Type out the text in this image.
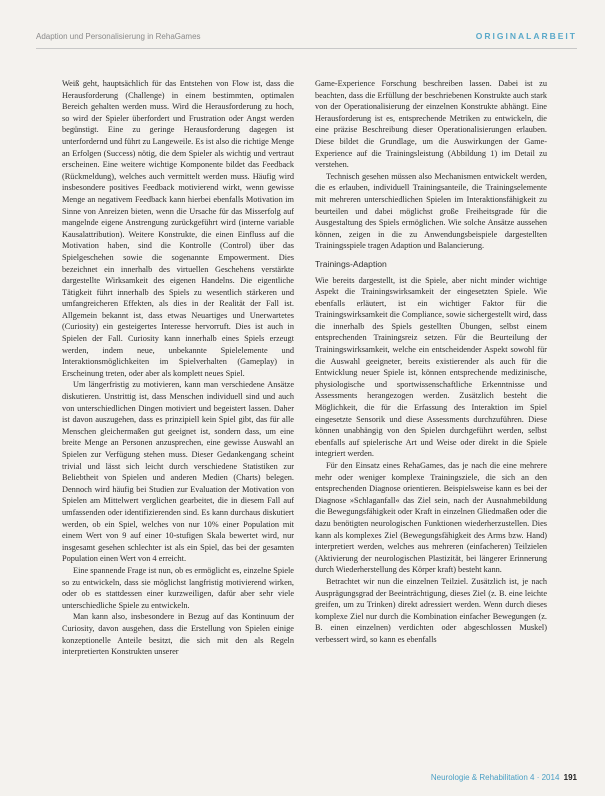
Adaption und Personalisierung in RehaGames	ORIGINALARBEIT

Weiß geht, hauptsächlich für das Entstehen von Flow ist, dass die Herausforderung (Challenge) in einem bestimmten, optimalen Bereich gehalten werden muss. Wird die Herausforderung zu hoch, so wird der Spieler überfordert und Frustration oder Angst werden begünstigt. Eine zu geringe Herausforderung dagegen ist unterfordernd und führt zu Langeweile. Es ist also die richtige Menge an Erfolgen (Success) nötig, die dem Spieler als wichtig und vertraut erscheinen. Eine weitere wichtige Komponente bildet das Feedback (Rückmeldung), welches auch vermittelt werden muss. Häufig wird insbesondere positives Feedback motivierend wirkt, wenn gewisse Menge an negativem Feedback kann hierbei ebenfalls Motivation im Sinne von Anreizen bieten, wenn die Ursache für das Misserfolg auf mangelnde eigene Anstrengung zurückgeführt wird (interne variable Kausalattribution). Weitere Konstrukte, die einen Einfluss auf die Motivation haben, sind die Kontrolle (Control) über das Spielgeschehen sowie die sogenannte Empowerment. Dies bezeichnet ein innerhalb des virtuellen Geschehens verstärkte dargestellte Wirksamkeit des eigenen Handelns. Die eigentliche Tätigkeit führt innerhalb des Spiels zu wesentlich stärkeren und umfangreicheren Effekten, als dies in der Realität der Fall ist. Allgemein bekannt ist, dass etwas Neuartiges und Unerwartetes (Curiosity) ein gesteigertes Interesse hervorruft. Dies ist auch in Spielen der Fall. Curiosity kann innerhalb eines Spiels erzeugt werden, indem neue, unbekannte Spielelemente und Interaktionsmöglichkeiten im Spielverhalten (Gameplay) in Erscheinung treten, oder aber als komplett neues Spiel.

Um längerfristig zu motivieren, kann man verschiedene Ansätze diskutieren. Unstrittig ist, dass Menschen individuell sind und auch von unterschiedlichen Dingen motiviert und begeistert lassen. Daher ist davon auszugehen, dass es prinzipiell kein Spiel gibt, das für alle Menschen gleichermaßen gut geeignet ist, sondern dass, um eine breite Menge an Personen anzusprechen, eine gewisse Auswahl an Spielen zur Verfügung stehen muss. Dieser Gedankengang scheint trivial und lässt sich leicht durch verschiedene Statistiken zur Beliebtheit von Spielen und anderen Medien (Charts) belegen. Dennoch wird häufig bei Studien zur Evaluation der Motivation von Spielen am Mittelwert verglichen gearbeitet, die in diesem Fall auf umfassenden oder identifizierenden sind. Es kann durchaus diskutiert werden, ob ein Spiel, welches von nur 10% einer Population mit einem Wert von 9 auf einer 10-stufigen Skala bewertet wird, nur insgesamt gesehen schlechter ist als ein Spiel, das bei der gesamten Population einen Wert von 4 erreicht.

Eine spannende Frage ist nun, ob es ermöglicht es, einzelne Spiele so zu entwickeln, dass sie möglichst langfristig motivierend wirken, oder ob es stattdessen einer kurzweiligen, dafür aber sehr viele unterschiedliche Spiele zu entwickeln.

Man kann also, insbesondere in Bezug auf das Kontinuum der Curiosity, davon ausgehen, dass die Erstellung von Spielen einige konzeptionelle Anteile besitzt, die sich mit den als Regeln interpretierten Konstrukten unserer

Game-Experience Forschung beschreiben lassen. Dabei ist zu beachten, dass die Erfüllung der beschriebenen Konstrukte auch stark von der Operationalisierung der einzelnen Konstrukte abhängt. Eine Herausforderung ist es, entsprechende Metriken zu entwickeln, die eine präzise Beschreibung dieser Operationalisierungen erlauben. Diese bildet die Grundlage, um die Auswirkungen der Game-Experience auf die Trainingsleistung (Abbildung 1) im Detail zu verstehen.

Technisch gesehen müssen also Mechanismen entwickelt werden, die es erlauben, individuell Trainingsanteile, die Trainingselemente mit mehreren unterschiedlichen Spielen im Interaktionsfähigkeit zu beurteilen und dabei möglichst große Freiheitsgrade für die Ausgestaltung des Spiels ermöglichen. Wie solche Ansätze aussehen können, zeigen in die zu Anwendungsbeispiele dargestellten Trainingsspiele tragen Adaption und Balancierung.

Trainings-Adaption

Wie bereits dargestellt, ist die Spiele, aber nicht minder wichtige Aspekt die Trainingswirksamkeit der eingesetzten Spiele. Wie ebenfalls erläutert, ist ein wichtiger Faktor für die Trainingswirksamkeit die Compliance, sowie sichergestellt wird, dass die innerhalb des Spiels gestellten Übungen, selbst einem entsprechenden Trainingsreiz setzen. Für die Beurteilung der Trainingswirksamkeit, welche ein entscheidender Aspekt sowohl für die Auswahl geeigneter, bereits existierender als auch für die Entwicklung neuer Spiele ist, können entsprechende medizinische, physiologische und sportwissenschaftliche Erkenntnisse und Assessments herangezogen werden. Zusätzlich besteht die Möglichkeit, die für die Erfassung des Interaktion im Spiel eingesetzte Sensorik und diese Assessments durchzuführen. Diese können unabhängig von den Spielen durchgeführt werden, selbst ebenfalls auf spielerische Art und Weise oder direkt in die Spiele integriert werden.

Für den Einsatz eines RehaGames, das je nach die eine mehrere mehr oder weniger komplexe Trainingsziele, die sich an den entsprechenden Diagnose orientieren. Beispielsweise kann es bei der Diagnose »Schlaganfall« das Ziel sein, nach der Ausnahmebildung die Bewegungsfähigkeit oder Kraft in einzelnen Gliedmaßen oder die dazu benötigten neurologischen Funktionen wiederherzustellen. Dies kann als komplexes Ziel (Bewegungsfähigkeit des Arms bzw. Hand) interpretiert werden, welches aus mehreren (einfacheren) Teilzielen (Aktivierung der neurologischen Plastizität, bei längerer Erinnerung durch Wiederherstellung des Körper kraft) besteht kann.

Betrachtet wir nun die einzelnen Teilziel. Zusätzlich ist, je nach Ausprägungsgrad der Beeinträchtigung, dieses Ziel (z. B. eine leichte greifen, um zu Trinken) direkt adressiert werden. Wenn durch dieses komplexe Ziel nur durch die Kombination einfacher Bewegungen (z. B. einen einzelnen) verdichten oder abgeschlossen Muskel) verbessert wird, so kann es ebenfalls

Neurologie & Rehabilitation 4 · 2014 191
